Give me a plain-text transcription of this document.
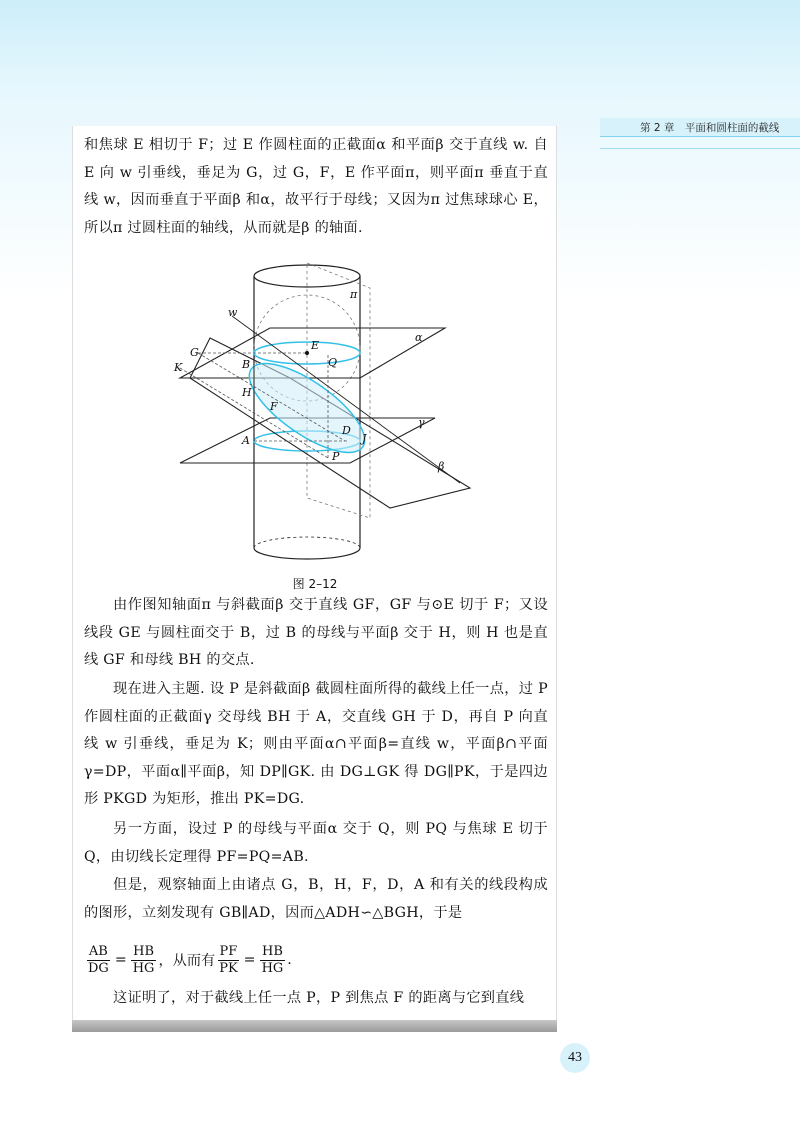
第 2 章　平面和圆柱面的截线

和焦球 E 相切于 F；过 E 作圆柱面的正截面α 和平面β 交于直线 w. 自 E 向 w 引垂线，垂足为 G，过 G，F，E 作平面π，则平面π 垂直于直线 w，因而垂直于平面β 和α，故平行于母线；又因为π 过焦球球心 E，所以π 过圆柱面的轴线，从而就是β 的轴面.

π
w
α
γ
β
G
E
K	B	Q
H
F
D
J
A
P
图 2–12

由作图知轴面π 与斜截面β 交于直线 GF，GF 与⊙E 切于 F；又设线段 GE 与圆柱面交于 B，过 B 的母线与平面β 交于 H，则 H 也是直线 GF 和母线 BH 的交点.

现在进入主题. 设 P 是斜截面β 截圆柱面所得的截线上任一点，过 P 作圆柱面的正截面γ 交母线 BH 于 A，交直线 GH 于 D，再自 P 向直线 w 引垂线，垂足为 K；则由平面α∩平面β=直线 w，平面β∩平面γ=DP，平面α∥平面β，知 DP∥GK. 由 DG⊥GK 得 DG∥PK，于是四边形 PKGD 为矩形，推出 PK=DG.

另一方面，设过 P 的母线与平面α 交于 Q，则 PQ 与焦球 E 切于 Q，由切线长定理得 PF=PQ=AB.

但是，观察轴面上由诸点 G，B，H，F，D，A 和有关的线段构成的图形，立刻发现有 GB∥AD，因而△ADH∽△BGH，于是

$\frac{AB}{DG} = \frac{HB}{HG}$ ，从而有 $\frac{PF}{PK} = \frac{HB}{HG}$ .

这证明了，对于截线上任一点 P，P 到焦点 F 的距离与它到直线

43
